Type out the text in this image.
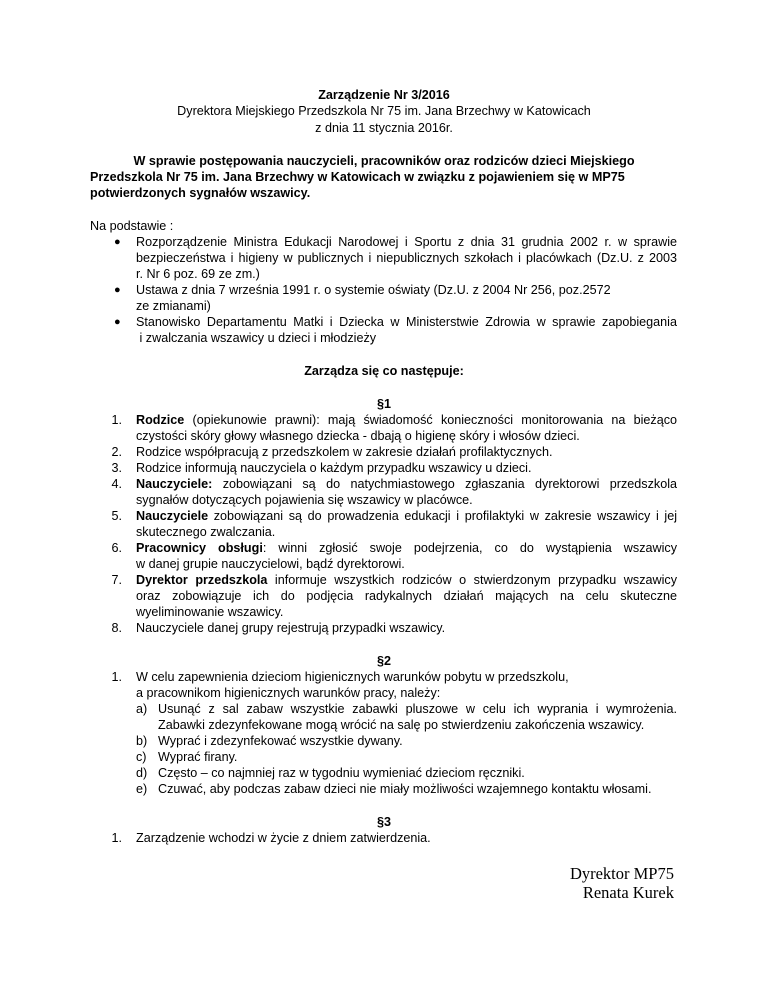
Zarządzenie Nr 3/2016
Dyrektora Miejskiego Przedszkola Nr 75 im. Jana Brzechwy w Katowicach
z dnia 11 stycznia 2016r.
W sprawie postępowania nauczycieli, pracowników oraz rodziców dzieci Miejskiego
Przedszkola Nr 75 im. Jana Brzechwy w Katowicach w związku z pojawieniem się w MP75
potwierdzonych sygnałów wszawicy.
Na podstawie :
● Rozporządzenie Ministra Edukacji Narodowej i Sportu z dnia 31 grudnia 2002 r. w sprawie
bezpieczeństwa i higieny w publicznych i niepublicznych szkołach i placówkach (Dz.U. z 2003
r. Nr 6 poz. 69 ze zm.)
● Ustawa z dnia 7 września 1991 r. o systemie oświaty (Dz.U. z 2004 Nr 256, poz.2572
ze zmianami)
● Stanowisko Departamentu Matki i Dziecka w Ministerstwie Zdrowia w sprawie zapobiegania
i zwalczania wszawicy u dzieci i młodzieży
Zarządza się co następuje:
§1
1. Rodzice (opiekunowie prawni): mają świadomość konieczności monitorowania na bieżąco
czystości skóry głowy własnego dziecka - dbają o higienę skóry i włosów dzieci.
2. Rodzice współpracują z przedszkolem w zakresie działań profilaktycznych.
3. Rodzice informują nauczyciela o każdym przypadku wszawicy u dzieci.
4. Nauczyciele: zobowiązani są do natychmiastowego zgłaszania dyrektorowi przedszkola
sygnałów dotyczących pojawienia się wszawicy w placówce.
5. Nauczyciele zobowiązani są do prowadzenia edukacji i profilaktyki w zakresie wszawicy i jej
skutecznego zwalczania.
6. Pracownicy obsługi: winni zgłosić swoje podejrzenia, co do wystąpienia wszawicy
w danej grupie nauczycielowi, bądź dyrektorowi.
7. Dyrektor przedszkola informuje wszystkich rodziców o stwierdzonym przypadku wszawicy
oraz zobowiązuje ich do podjęcia radykalnych działań mających na celu skuteczne
wyeliminowanie wszawicy.
8. Nauczyciele danej grupy rejestrują przypadki wszawicy.
§2
1. W celu zapewnienia dzieciom higienicznych warunków pobytu w przedszkolu,
a pracownikom higienicznych warunków pracy, należy:
a) Usunąć z sal zabaw wszystkie zabawki pluszowe w celu ich wyprania i wymrożenia.
Zabawki zdezynfekowane mogą wrócić na salę po stwierdzeniu zakończenia wszawicy.
b) Wyprać i zdezynfekować wszystkie dywany.
c) Wyprać firany.
d) Często – co najmniej raz w tygodniu wymieniać dzieciom ręczniki.
e) Czuwać, aby podczas zabaw dzieci nie miały możliwości wzajemnego kontaktu włosami.
§3
1. Zarządzenie wchodzi w życie z dniem zatwierdzenia.
Dyrektor MP75
Renata Kurek
